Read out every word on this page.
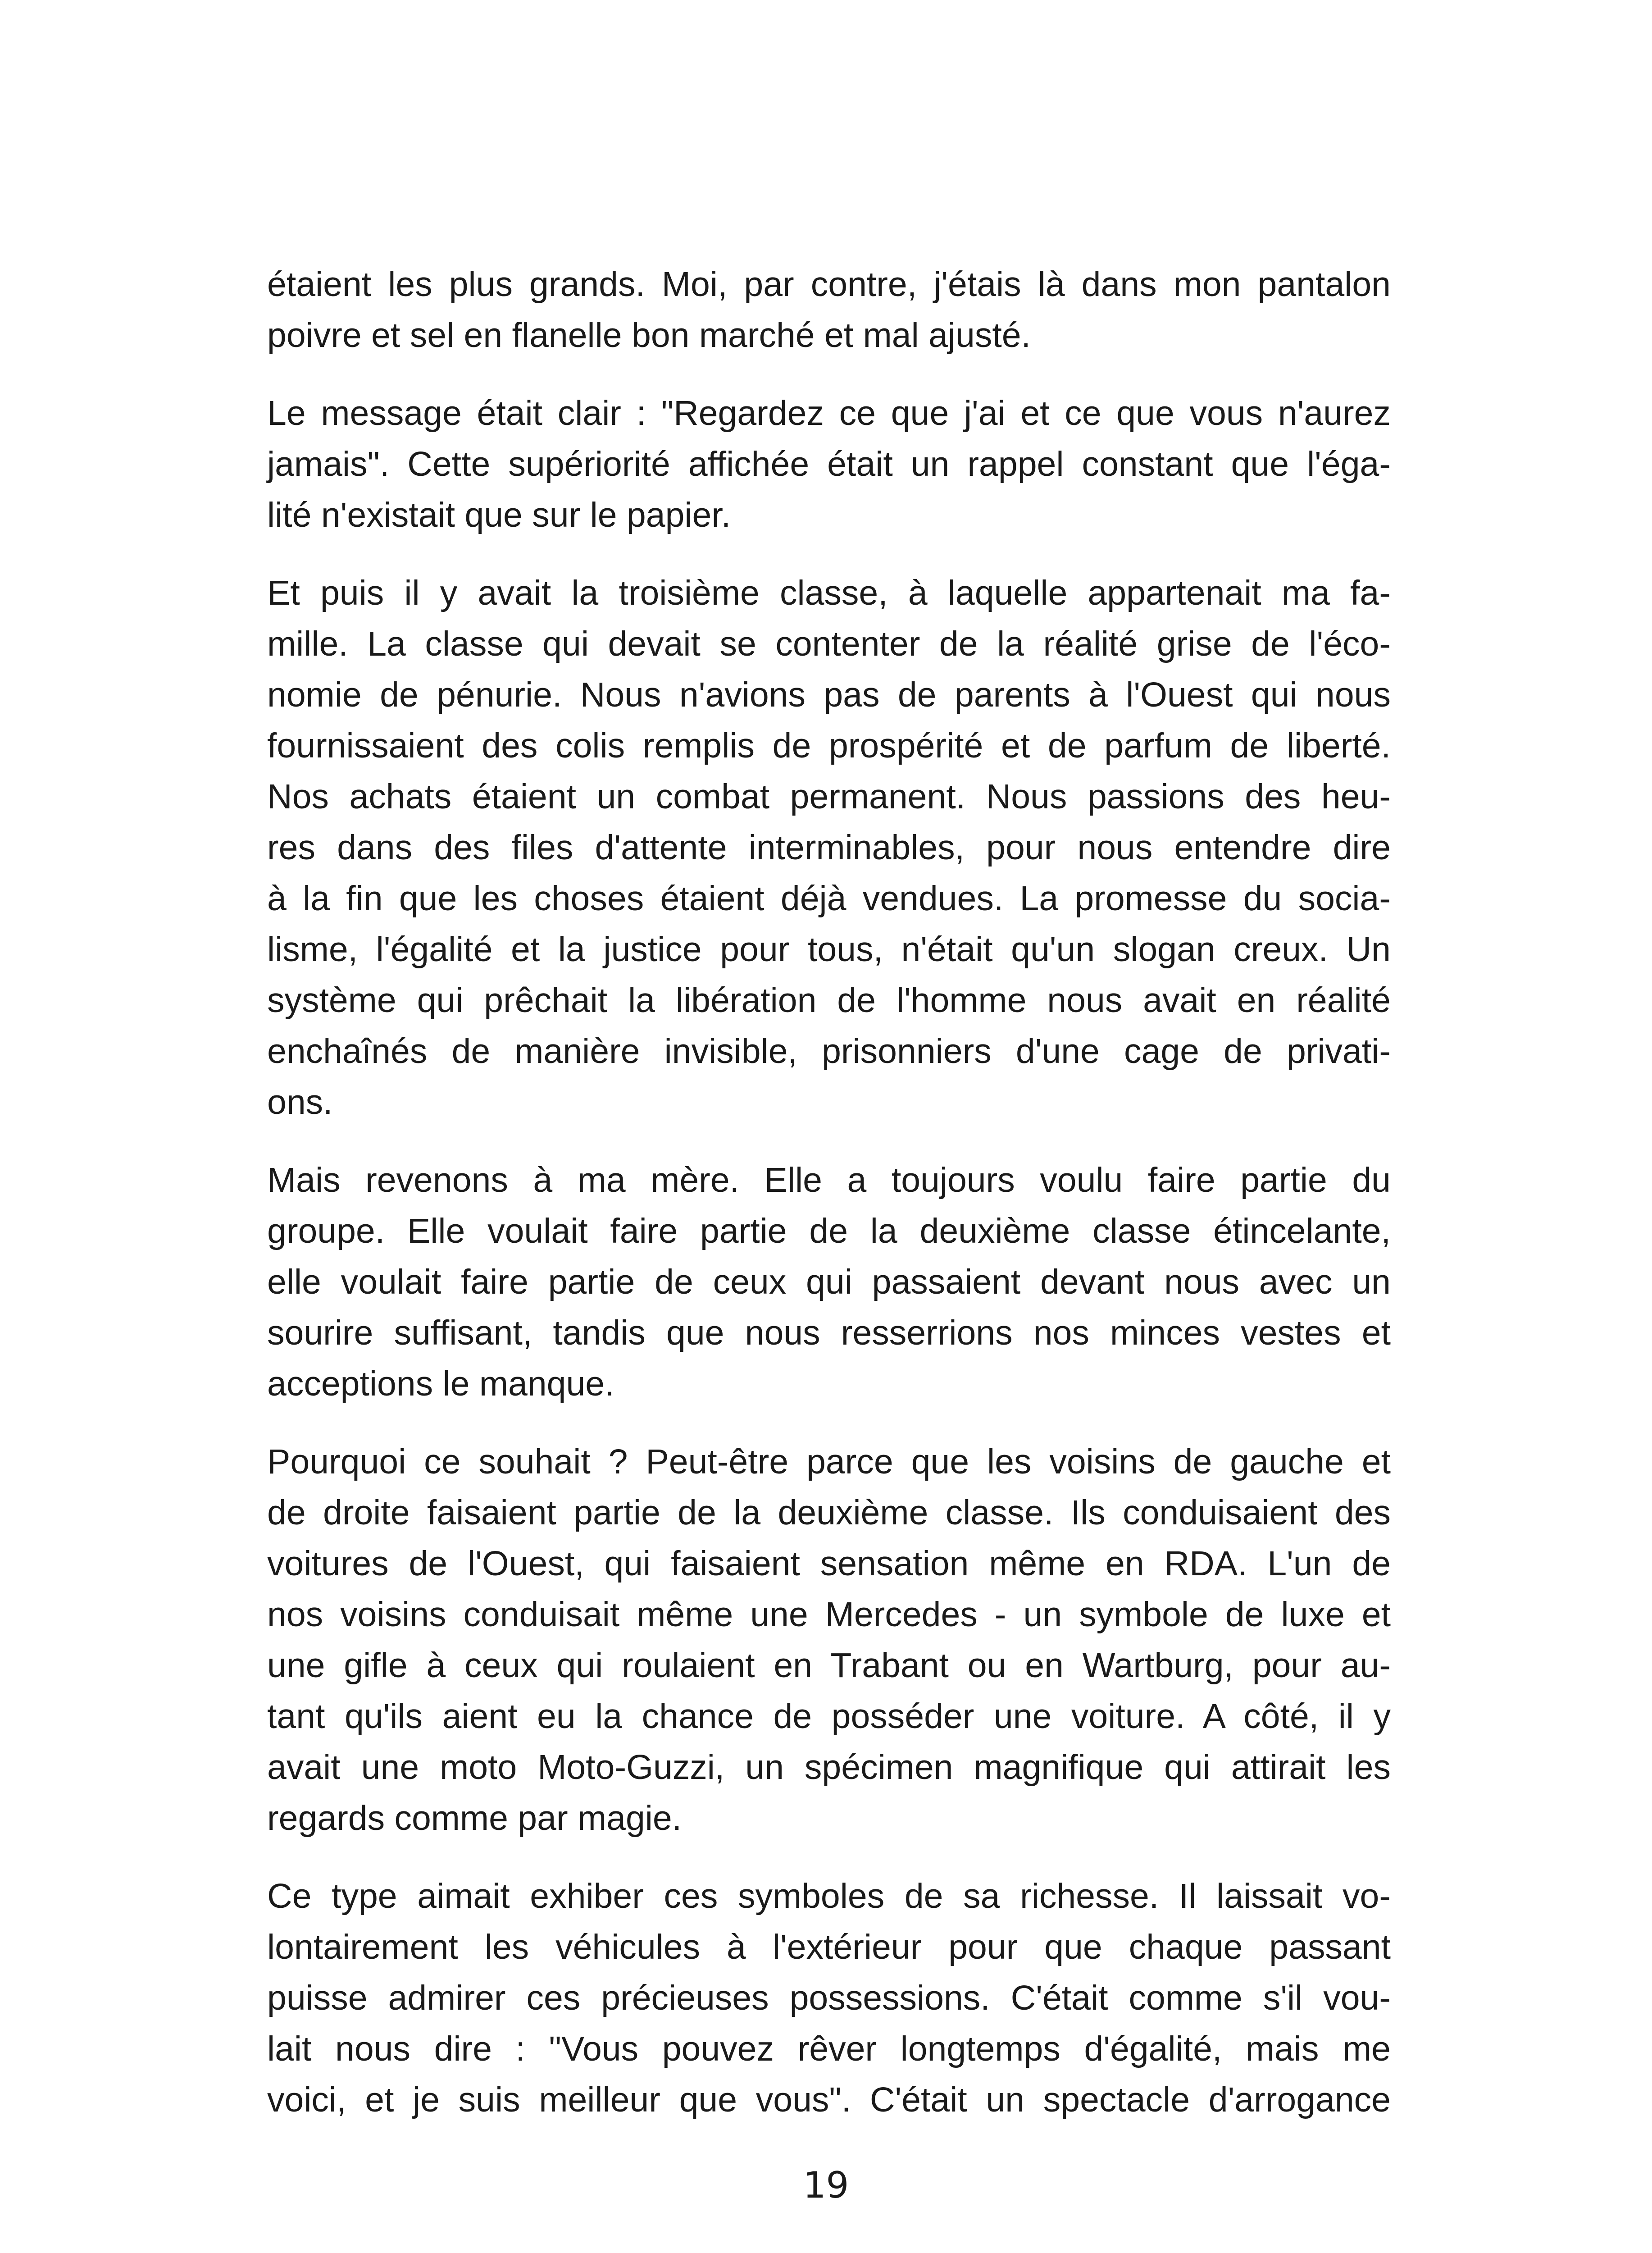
étaient les plus grands. Moi, par contre, j'étais là dans mon pantalon
poivre et sel en flanelle bon marché et mal ajusté.

Le message était clair : "Regardez ce que j'ai et ce que vous n'aurez
jamais". Cette supériorité affichée était un rappel constant que l'éga-
lité n'existait que sur le papier.

Et puis il y avait la troisième classe, à laquelle appartenait ma fa-
mille. La classe qui devait se contenter de la réalité grise de l'éco-
nomie de pénurie. Nous n'avions pas de parents à l'Ouest qui nous
fournissaient des colis remplis de prospérité et de parfum de liberté.
Nos achats étaient un combat permanent. Nous passions des heu-
res dans des files d'attente interminables, pour nous entendre dire
à la fin que les choses étaient déjà vendues. La promesse du socia-
lisme, l'égalité et la justice pour tous, n'était qu'un slogan creux. Un
système qui prêchait la libération de l'homme nous avait en réalité
enchaînés de manière invisible, prisonniers d'une cage de privati-
ons.

Mais revenons à ma mère. Elle a toujours voulu faire partie du
groupe. Elle voulait faire partie de la deuxième classe étincelante,
elle voulait faire partie de ceux qui passaient devant nous avec un
sourire suffisant, tandis que nous resserrions nos minces vestes et
acceptions le manque.

Pourquoi ce souhait ? Peut-être parce que les voisins de gauche et
de droite faisaient partie de la deuxième classe. Ils conduisaient des
voitures de l'Ouest, qui faisaient sensation même en RDA. L'un de
nos voisins conduisait même une Mercedes - un symbole de luxe et
une gifle à ceux qui roulaient en Trabant ou en Wartburg, pour au-
tant qu'ils aient eu la chance de posséder une voiture. A côté, il y
avait une moto Moto-Guzzi, un spécimen magnifique qui attirait les
regards comme par magie.

Ce type aimait exhiber ces symboles de sa richesse. Il laissait vo-
lontairement les véhicules à l'extérieur pour que chaque passant
puisse admirer ces précieuses possessions. C'était comme s'il vou-
lait nous dire : "Vous pouvez rêver longtemps d'égalité, mais me
voici, et je suis meilleur que vous". C'était un spectacle d'arrogance

19
